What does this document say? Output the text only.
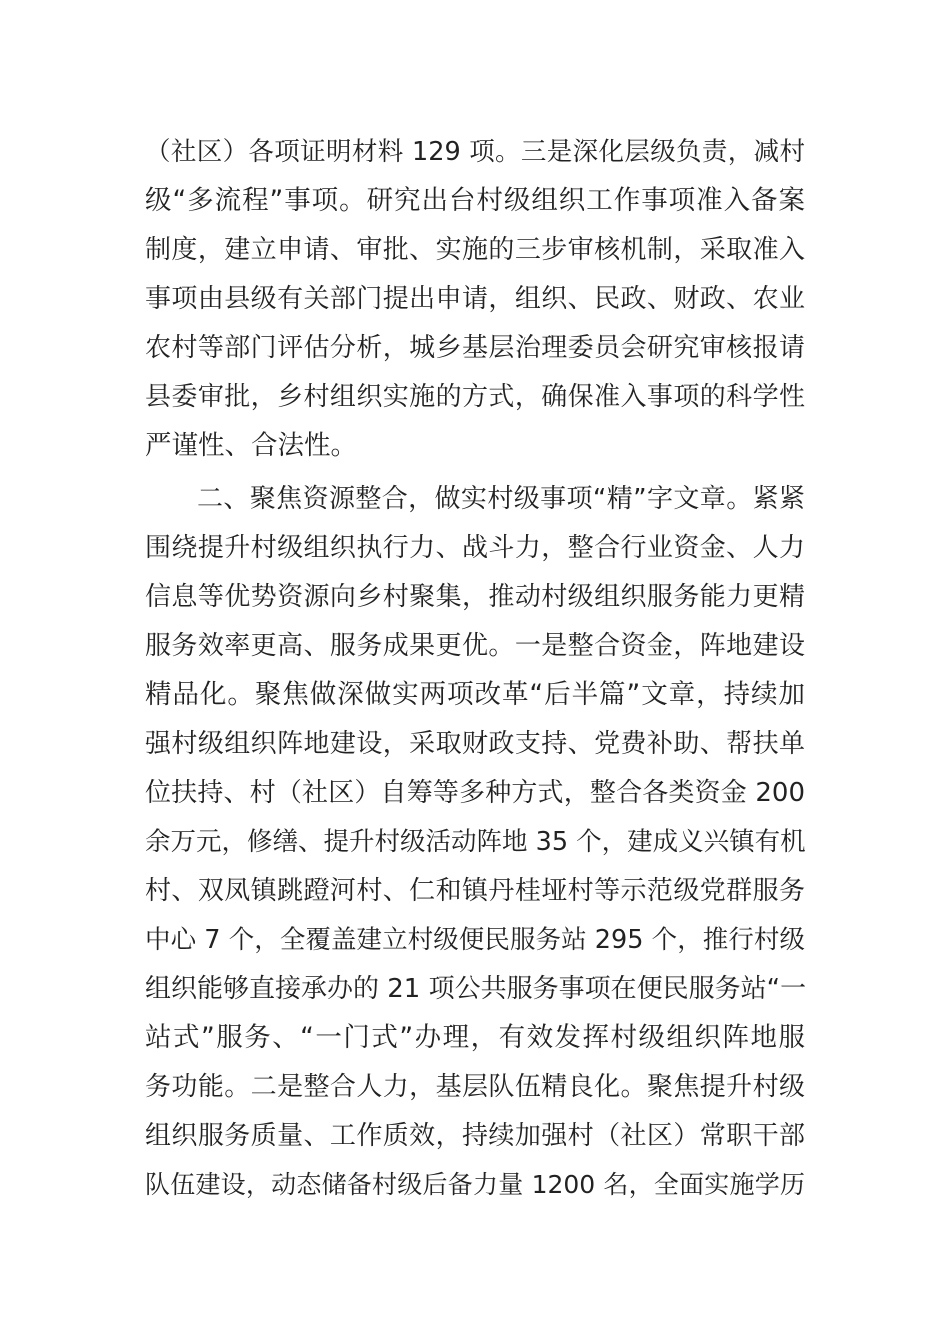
（社区）各项证明材料 129 项。三是深化层级负责，减村
级“多流程”事项。研究出台村级组织工作事项准入备案
制度，建立申请、审批、实施的三步审核机制，采取准入
事项由县级有关部门提出申请，组织、民政、财政、农业
农村等部门评估分析，城乡基层治理委员会研究审核报请
县委审批，乡村组织实施的方式，确保准入事项的科学性
严谨性、合法性。
二、聚焦资源整合，做实村级事项“精”字文章。紧紧
围绕提升村级组织执行力、战斗力，整合行业资金、人力
信息等优势资源向乡村聚集，推动村级组织服务能力更精
服务效率更高、服务成果更优。一是整合资金，阵地建设
精品化。聚焦做深做实两项改革“后半篇”文章，持续加
强村级组织阵地建设，采取财政支持、党费补助、帮扶单
位扶持、村（社区）自筹等多种方式，整合各类资金 200
余万元，修缮、提升村级活动阵地 35 个，建成义兴镇有机
村、双凤镇跳蹬河村、仁和镇丹桂垭村等示范级党群服务
中心 7 个，全覆盖建立村级便民服务站 295 个，推行村级
组织能够直接承办的 21 项公共服务事项在便民服务站“一
站式”服务、“一门式”办理，有效发挥村级组织阵地服
务功能。二是整合人力，基层队伍精良化。聚焦提升村级
组织服务质量、工作质效，持续加强村（社区）常职干部
队伍建设，动态储备村级后备力量 1200 名，全面实施学历
